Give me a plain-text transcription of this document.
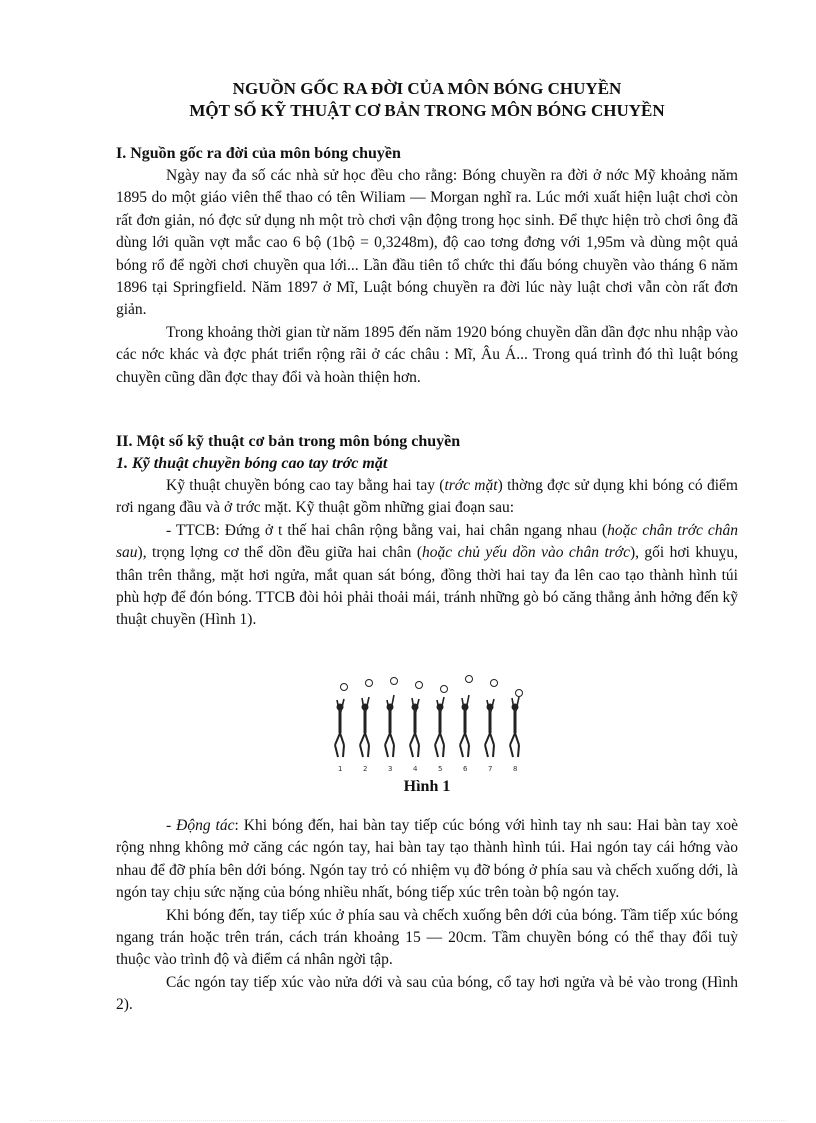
NGUỒN GỐC RA ĐỜI CỦA MÔN BÓNG CHUYỀN
MỘT SỐ KỸ THUẬT CƠ BẢN TRONG MÔN BÓNG CHUYỀN
I. Nguồn gốc ra đời của môn bóng chuyền

Ngày nay đa số các nhà sử học đều cho rằng: Bóng chuyền ra đời ở nớc Mỹ khoảng năm 1895 do một giáo viên thể thao có tên Wiliam — Morgan nghĩ ra. Lúc mới xuất hiện luật chơi còn rất đơn giản, nó đợc sử dụng nh một trò chơi vận động trong học sinh. Để thực hiện trò chơi ông đã dùng lới quần vợt mắc cao 6 bộ (1bộ = 0,3248m), độ cao tơng đơng với 1,95m và dùng một quả bóng rổ để ngời chơi chuyền qua lới... Lần đầu tiên tổ chức thi đấu bóng chuyền vào tháng 6 năm 1896 tại Springfield. Năm 1897 ở Mĩ, Luật bóng chuyền ra đời lúc này luật chơi vẫn còn rất đơn giản.

Trong khoảng thời gian từ năm 1895 đến năm 1920 bóng chuyền dần dần đợc nhu nhập vào các nớc khác và đợc phát triển rộng rãi ở các châu : Mĩ, Âu Á... Trong quá trình đó thì luật bóng chuyền cũng dần đợc thay đổi và hoàn thiện hơn.

II. Một số kỹ thuật cơ bản trong môn bóng chuyền
1. Kỹ thuật chuyền bóng cao tay trớc mặt

Kỹ thuật chuyền bóng cao tay bằng hai tay (trớc mặt) thờng đợc sử dụng khi bóng có điểm rơi ngang đầu và ở trớc mặt. Kỹ thuật gồm những giai đoạn sau:

- TTCB: Đứng ở t thế hai chân rộng bằng vai, hai chân ngang nhau (hoặc chân trớc chân sau), trọng lợng cơ thể dồn đều giữa hai chân (hoặc chủ yếu dồn vào chân trớc), gối hơi khuỵu, thân trên thẳng, mặt hơi ngửa, mắt quan sát bóng, đồng thời hai tay đa lên cao tạo thành hình túi phù hợp để đón bóng. TTCB đòi hỏi phải thoải mái, tránh những gò bó căng thẳng ảnh hởng đến kỹ thuật chuyền (Hình 1).

1	2	3	4	5	6	7	8
Hình 1

- Động tác: Khi bóng đến, hai bàn tay tiếp cúc bóng với hình tay nh sau: Hai bàn tay xoè rộng nhng không mở căng các ngón tay, hai bàn tay tạo thành hình túi. Hai ngón tay cái hớng vào nhau để đỡ phía bên dới bóng. Ngón tay trỏ có nhiệm vụ đỡ bóng ở phía sau và chếch xuống dới, là ngón tay chịu sức nặng của bóng nhiều nhất, bóng tiếp xúc trên toàn bộ ngón tay.

Khi bóng đến, tay tiếp xúc ở phía sau và chếch xuống bên dới của bóng. Tầm tiếp xúc bóng ngang trán hoặc trên trán, cách trán khoảng 15 — 20cm. Tầm chuyền bóng có thể thay đổi tuỳ thuộc vào trình độ và điểm cá nhân ngời tập.

Các ngón tay tiếp xúc vào nửa dới và sau của bóng, cổ tay hơi ngửa và bẻ vào trong (Hình 2).
